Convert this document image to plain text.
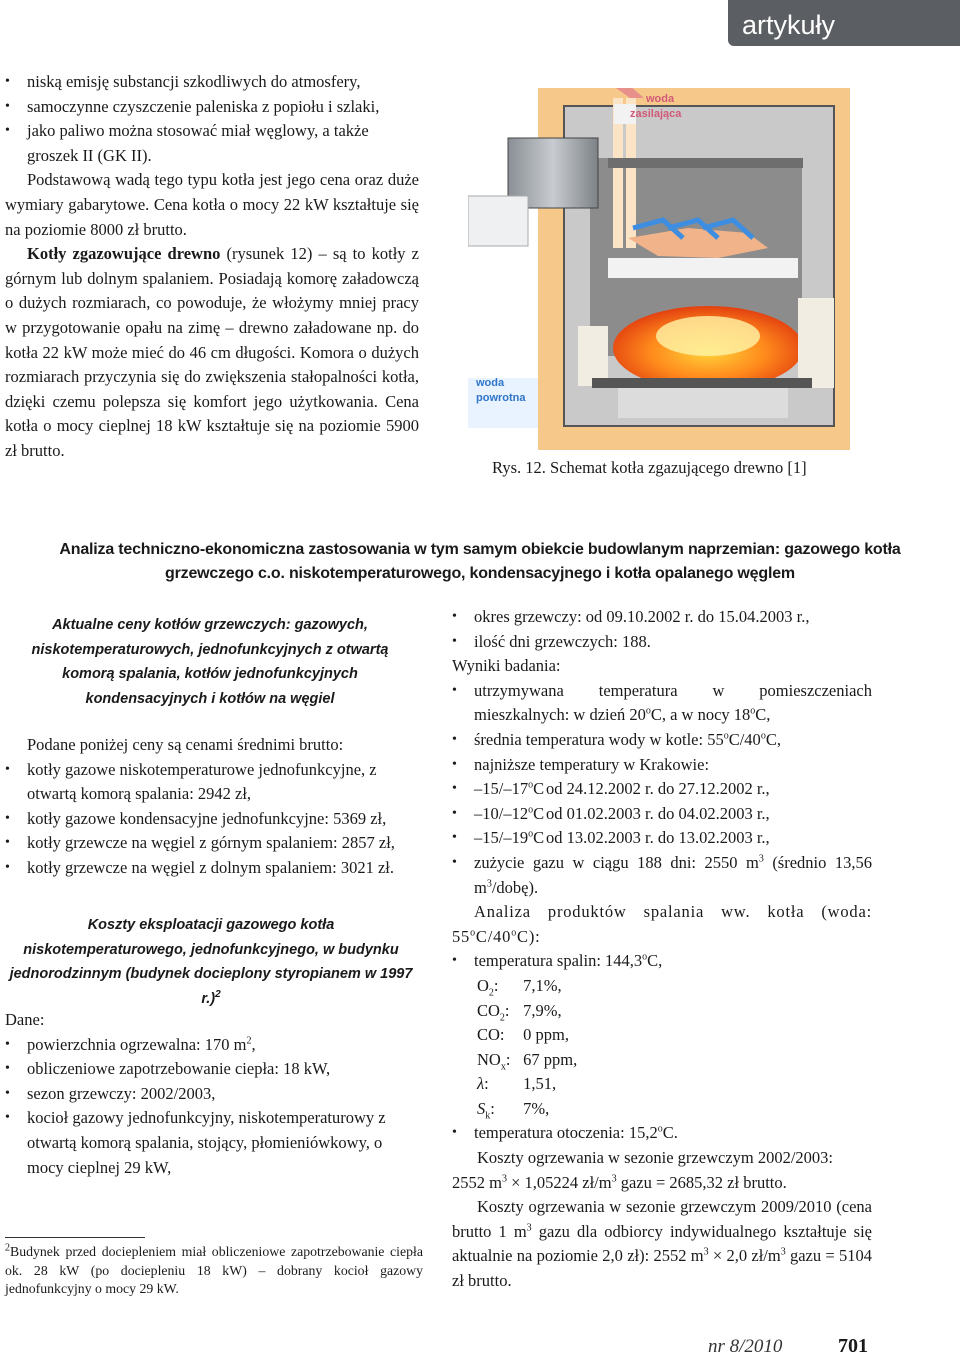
artykuły
• niską emisję substancji szkodliwych do atmosfery,
• samoczynne czyszczenie paleniska z popiołu i szlaki,
• jako paliwo można stosować miał węglowy, a także groszek II (GK II).

Podstawową wadą tego typu kotła jest jego cena oraz duże wymiary gabarytowe. Cena kotła o mocy 22 kW kształtuje się na poziomie 8000 zł brutto.

Kotły zgazowujące drewno (rysunek 12) – są to kotły z górnym lub dolnym spalaniem. Posiadają komorę załadowczą o dużych rozmiarach, co powoduje, że włożymy mniej pracy w przygotowanie opału na zimę – drewno załadowane np. do kotła 22 kW może mieć do 46 cm długości. Komora o dużych rozmiarach przyczynia się do zwiększenia stałopalności kotła, dzięki czemu polepsza się komfort jego użytkowania. Cena kotła o mocy cieplnej 18 kW kształtuje się na poziomie 5900 zł brutto.

woda zasilająca
woda powrotna
Rys. 12. Schemat kotła zgazującego drewno [1]
Analiza techniczno-ekonomiczna zastosowania w tym samym obiekcie budowlanym naprzemian: gazowego kotła grzewczego c.o. niskotemperaturowego, kondensacyjnego i kotła opalanego węglem
Aktualne ceny kotłów grzewczych: gazowych, niskotemperaturowych, jednofunkcyjnych z otwartą komorą spalania, kotłów jednofunkcyjnych kondensacyjnych i kotłów na węgiel

Podane poniżej ceny są cenami średnimi brutto:

• kotły gazowe niskotemperaturowe jednofunkcyjne, z otwartą komorą spalania: 2942 zł,
• kotły gazowe kondensacyjne jednofunkcyjne: 5369 zł,
• kotły grzewcze na węgiel z górnym spalaniem: 2857 zł,
• kotły grzewcze na węgiel z dolnym spalaniem: 3021 zł.
Koszty eksploatacji gazowego kotła niskotemperaturowego, jednofunkcyjnego, w budynku jednorodzinnym (budynek docieplony styropianem w 1997 r.)$^2$

Dane:

• powierzchnia ogrzewalna: 170 $m^2$,
• obliczeniowe zapotrzebowanie ciepła: 18 kW,
• sezon grzewczy: 2002/2003,
• kocioł gazowy jednofunkcyjny, niskotemperaturowy z otwartą komorą spalania, stojący, płomieniówkowy, o mocy cieplnej 29 kW,
$^2$Budynek przed dociepleniem miał obliczeniowe zapotrzebowanie ciepła ok. 28 kW (po dociepleniu 18 kW) – dobrany kocioł gazowy jednofunkcyjny o mocy 29 kW.
• okres grzewczy: od 09.10.2002 r. do 15.04.2003 r.,
• ilość dni grzewczych: 188.

Wyniki badania:

• utrzymywana temperatura w pomieszczeniach mieszkalnych: w dzień 20$^o$C, a w nocy 18$^o$C,
• średnia temperatura wody w kotle: 55$^o$C/40$^o$C,
• najniższe temperatury w Krakowie:
• –15/–17$^o$C od 24.12.2002 r. do 27.12.2002 r.,
• –10/–12$^o$C od 01.02.2003 r. do 04.02.2003 r.,
• –15/–19$^o$C od 13.02.2003 r. do 13.02.2003 r.,
• zużycie gazu w ciągu 188 dni: 2550 $m^3$ (średnio 13,56 $m^3/dobę$).

Analiza produktów spalania ww. kotła (woda: 55$^o$C/40$^o$C):

• temperatura spalin: 144,3$^o$C,
$O_2$: 7,1%,
$CO_2$: 7,9%,
CO: 0 ppm,
$NO_x$: 67 ppm,
λ: 1,51,
$S_k$: 7%,
• temperatura otoczenia: 15,2$^o$C.

Koszty ogrzewania w sezonie grzewczym 2002/2003:

2552 $m^3 \times 1,05224$ $zł/m^3$ gazu = 2685,32 zł brutto.

Koszty ogrzewania w sezonie grzewczym 2009/2010 (cena brutto 1 $m^3$ gazu dla odbiorcy indywidualnego kształtuje się aktualnie na poziomie 2,0 zł): 2552 $m^3 \times 2,0$ $zł/m^3$ gazu = 5104 zł brutto.

nr 8/2010	701
